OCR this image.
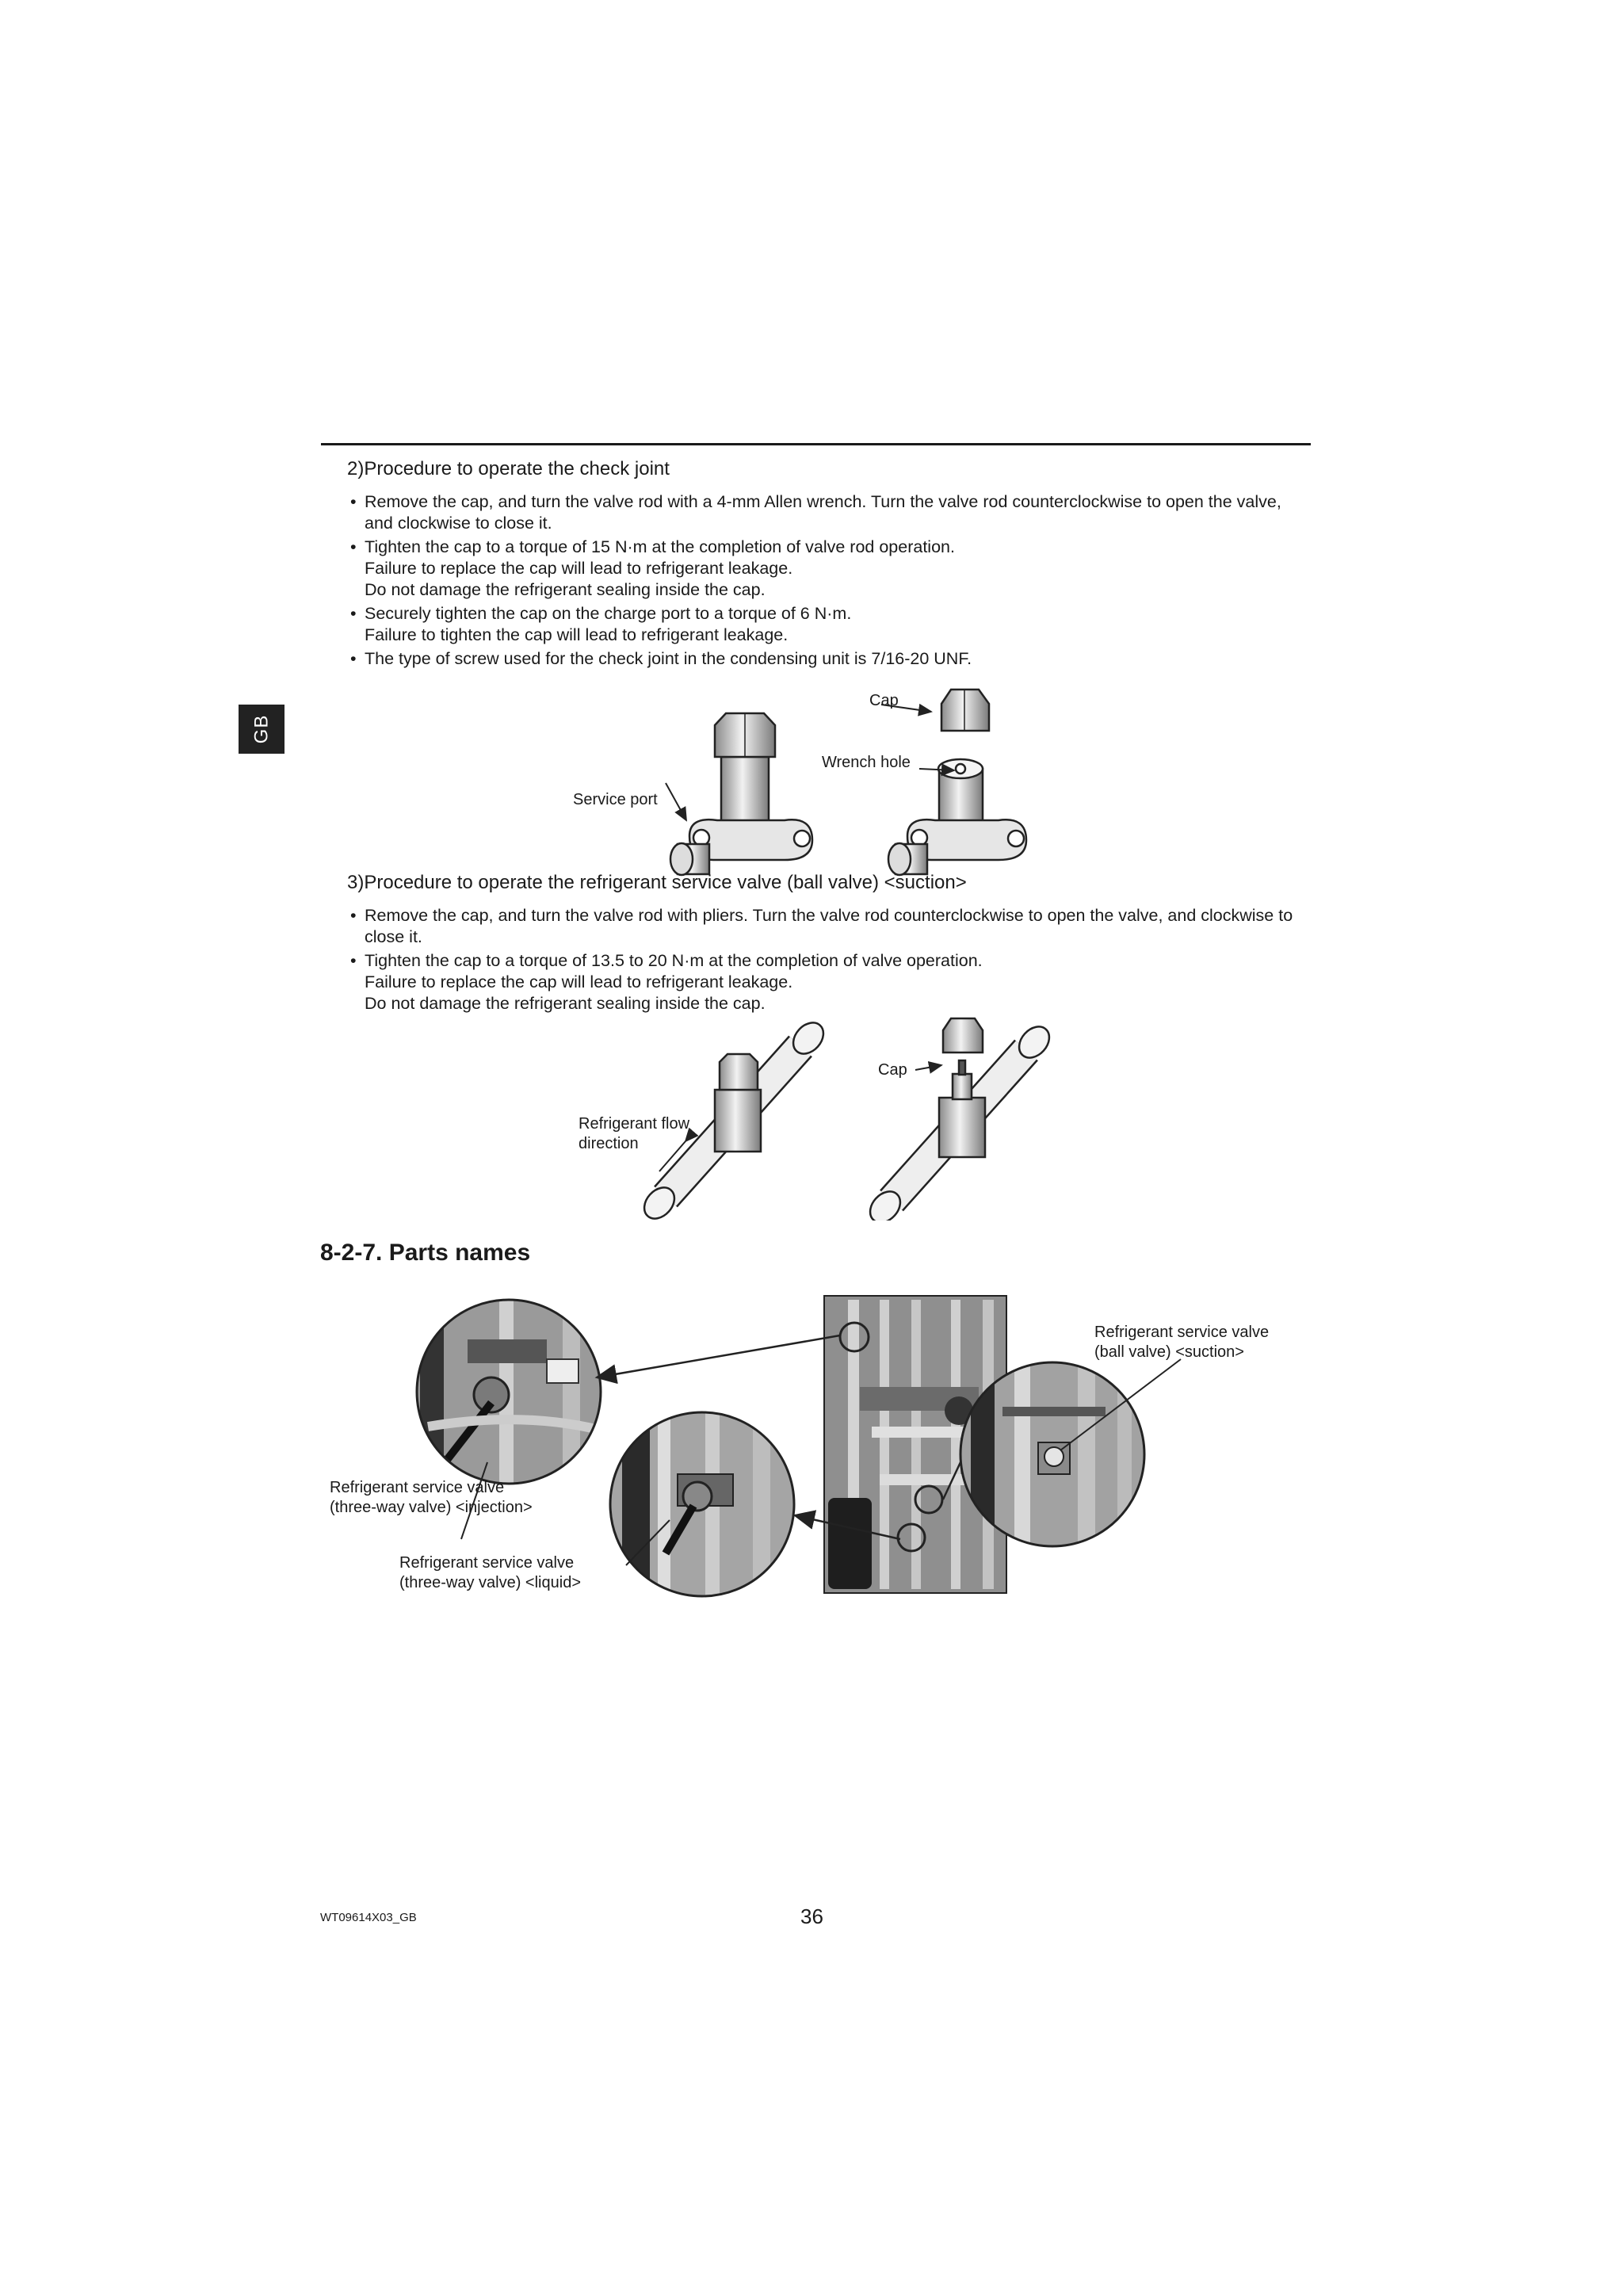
GB
2)Procedure to operate the check joint
• Remove the cap, and turn the valve rod with a 4-mm Allen wrench. Turn the valve rod counterclockwise to open the valve,
and clockwise to close it.
• Tighten the cap to a torque of 15 N·m at the completion of valve rod operation.
Failure to replace the cap will lead to refrigerant leakage.
Do not damage the refrigerant sealing inside the cap.
• Securely tighten the cap on the charge port to a torque of 6 N·m.
Failure to tighten the cap will lead to refrigerant leakage.
• The type of screw used for the check joint in the condensing unit is 7/16-20 UNF.
Cap
Wrench hole
Service port
3)Procedure to operate the refrigerant service valve (ball valve) <suction>
• Remove the cap, and turn the valve rod with pliers. Turn the valve rod counterclockwise to open the valve, and clockwise to
close it.
• Tighten the cap to a torque of 13.5 to 20 N·m at the completion of valve operation.
Failure to replace the cap will lead to refrigerant leakage.
Do not damage the refrigerant sealing inside the cap.
Cap
Refrigerant flow
direction
8-2-7. Parts names
Refrigerant service valve
(ball valve) <suction>
Refrigerant service valve
(three-way valve) <injection>
Refrigerant service valve
(three-way valve) <liquid>
WT09614X03_GB	36
